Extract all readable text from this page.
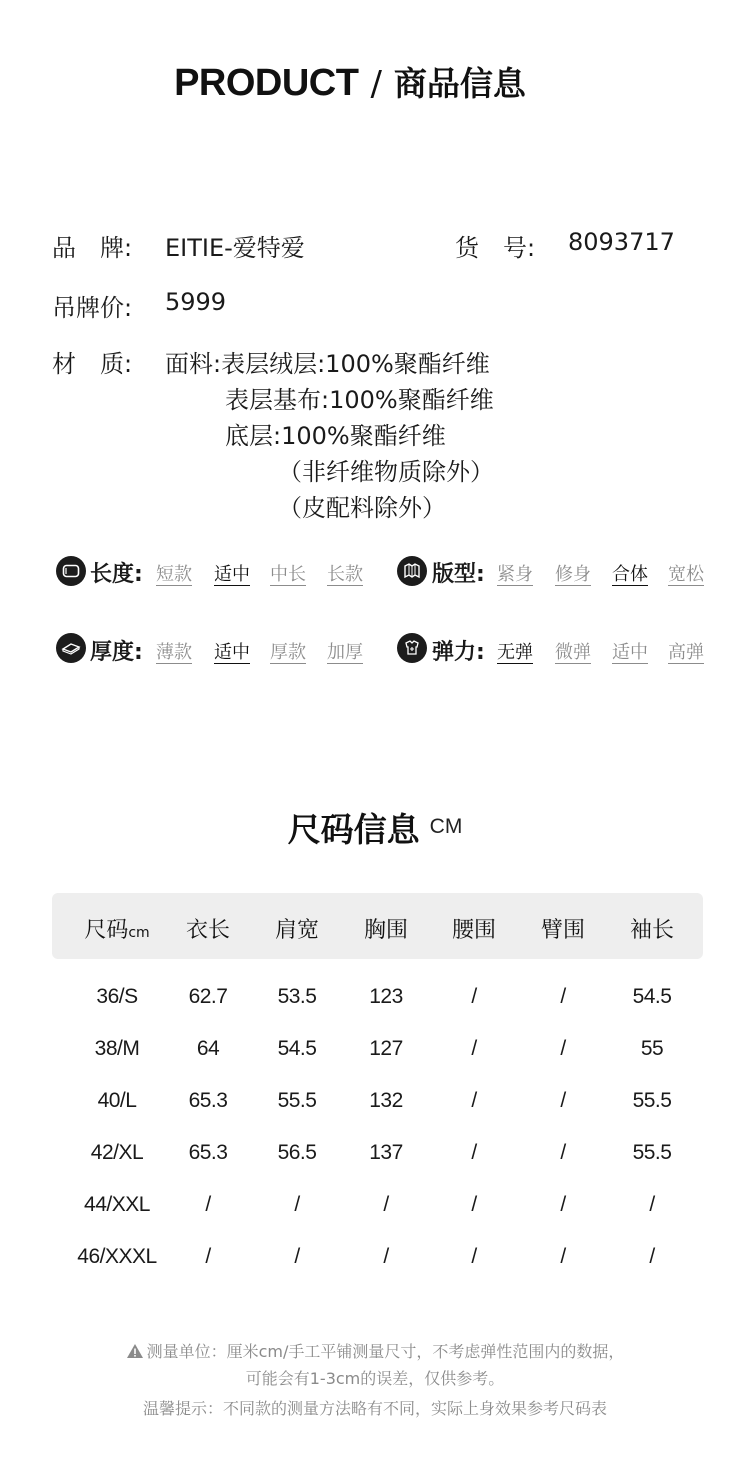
PRODUCT / 商品信息
品　牌: EITIE-爱特爱	货　号: 8093717
吊牌价: 5999
材　质: 面料:表层绒层:100%聚酯纤维
表层基布:100%聚酯纤维
底层:100%聚酯纤维
（非纤维物质除外）
（皮配料除外）
长度: 短款 适中 中长 长款	版型: 紧身 修身 合体 宽松
厚度: 薄款 适中 厚款 加厚	弹力: 无弹 微弹 适中 高弹
尺码信息 CM
尺码cm	衣长	肩宽	胸围	腰围	臂围	袖长
36/S	62.7	53.5	123	/	/	54.5
38/M	64	54.5	127	/	/	55
40/L	65.3	55.5	132	/	/	55.5
42/XL	65.3	56.5	137	/	/	55.5
44/XXL	/	/	/	/	/	/
46/XXXL	/	/	/	/	/	/
测量单位：厘米cm/手工平铺测量尺寸，不考虑弹性范围内的数据，
可能会有1-3cm的误差，仅供参考。
温馨提示：不同款的测量方法略有不同，实际上身效果参考尺码表
